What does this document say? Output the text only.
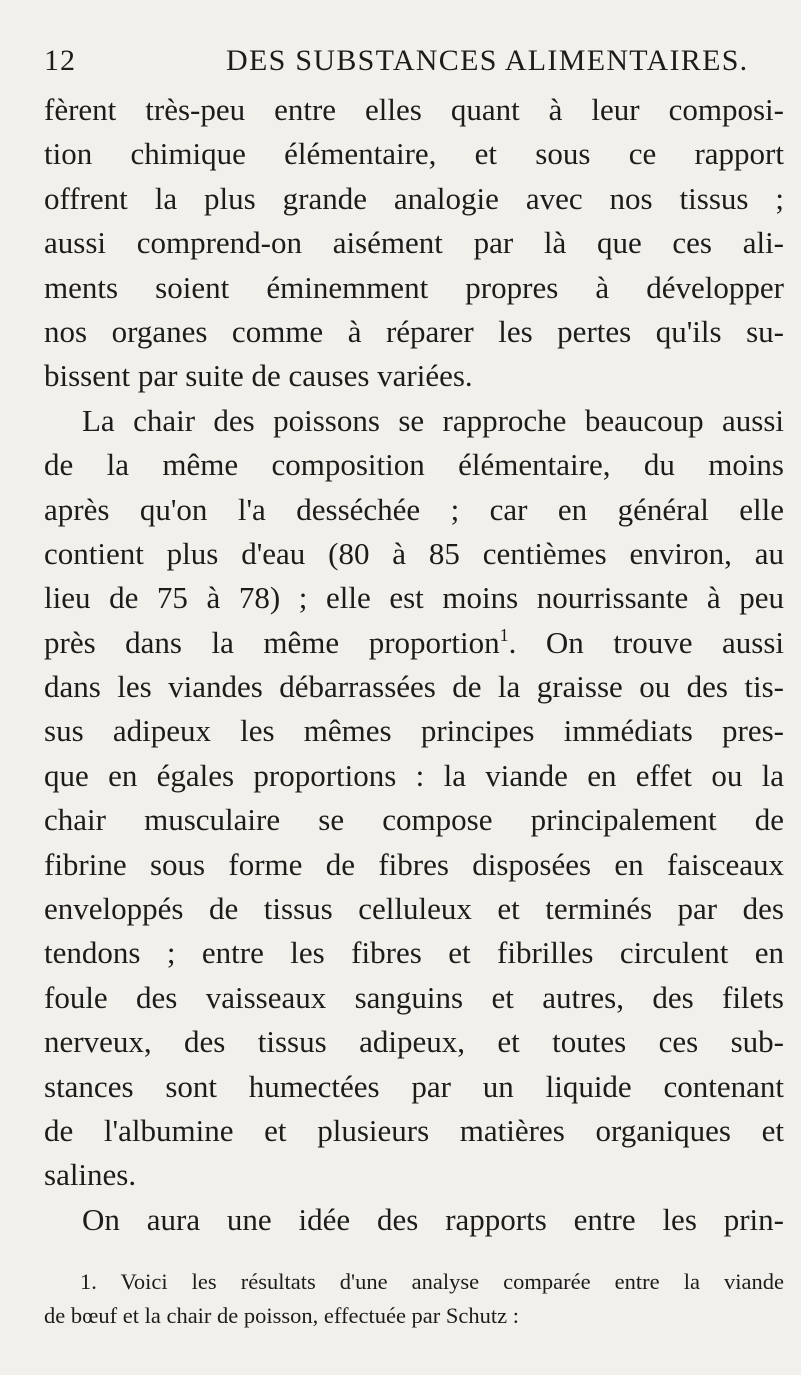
12	DES SUBSTANCES ALIMENTAIRES.
fèrent très-peu entre elles quant à leur composi-
tion chimique élémentaire, et sous ce rapport
offrent la plus grande analogie avec nos tissus ;
aussi comprend-on aisément par là que ces ali-
ments soient éminemment propres à développer
nos organes comme à réparer les pertes qu'ils su-
bissent par suite de causes variées.
La chair des poissons se rapproche beaucoup aussi
de la même composition élémentaire, du moins
après qu'on l'a desséchée ; car en général elle
contient plus d'eau (80 à 85 centièmes environ, au
lieu de 75 à 78) ; elle est moins nourrissante à peu
près dans la même proportion$^1$. On trouve aussi
dans les viandes débarrassées de la graisse ou des tis-
sus adipeux les mêmes principes immédiats pres-
que en égales proportions : la viande en effet ou la
chair musculaire se compose principalement de
fibrine sous forme de fibres disposées en faisceaux
enveloppés de tissus celluleux et terminés par des
tendons ; entre les fibres et fibrilles circulent en
foule des vaisseaux sanguins et autres, des filets
nerveux, des tissus adipeux, et toutes ces sub-
stances sont humectées par un liquide contenant
de l'albumine et plusieurs matières organiques et
salines.
On aura une idée des rapports entre les prin-
1. Voici les résultats d'une analyse comparée entre la viande
de bœuf et la chair de poisson, effectuée par Schutz :
